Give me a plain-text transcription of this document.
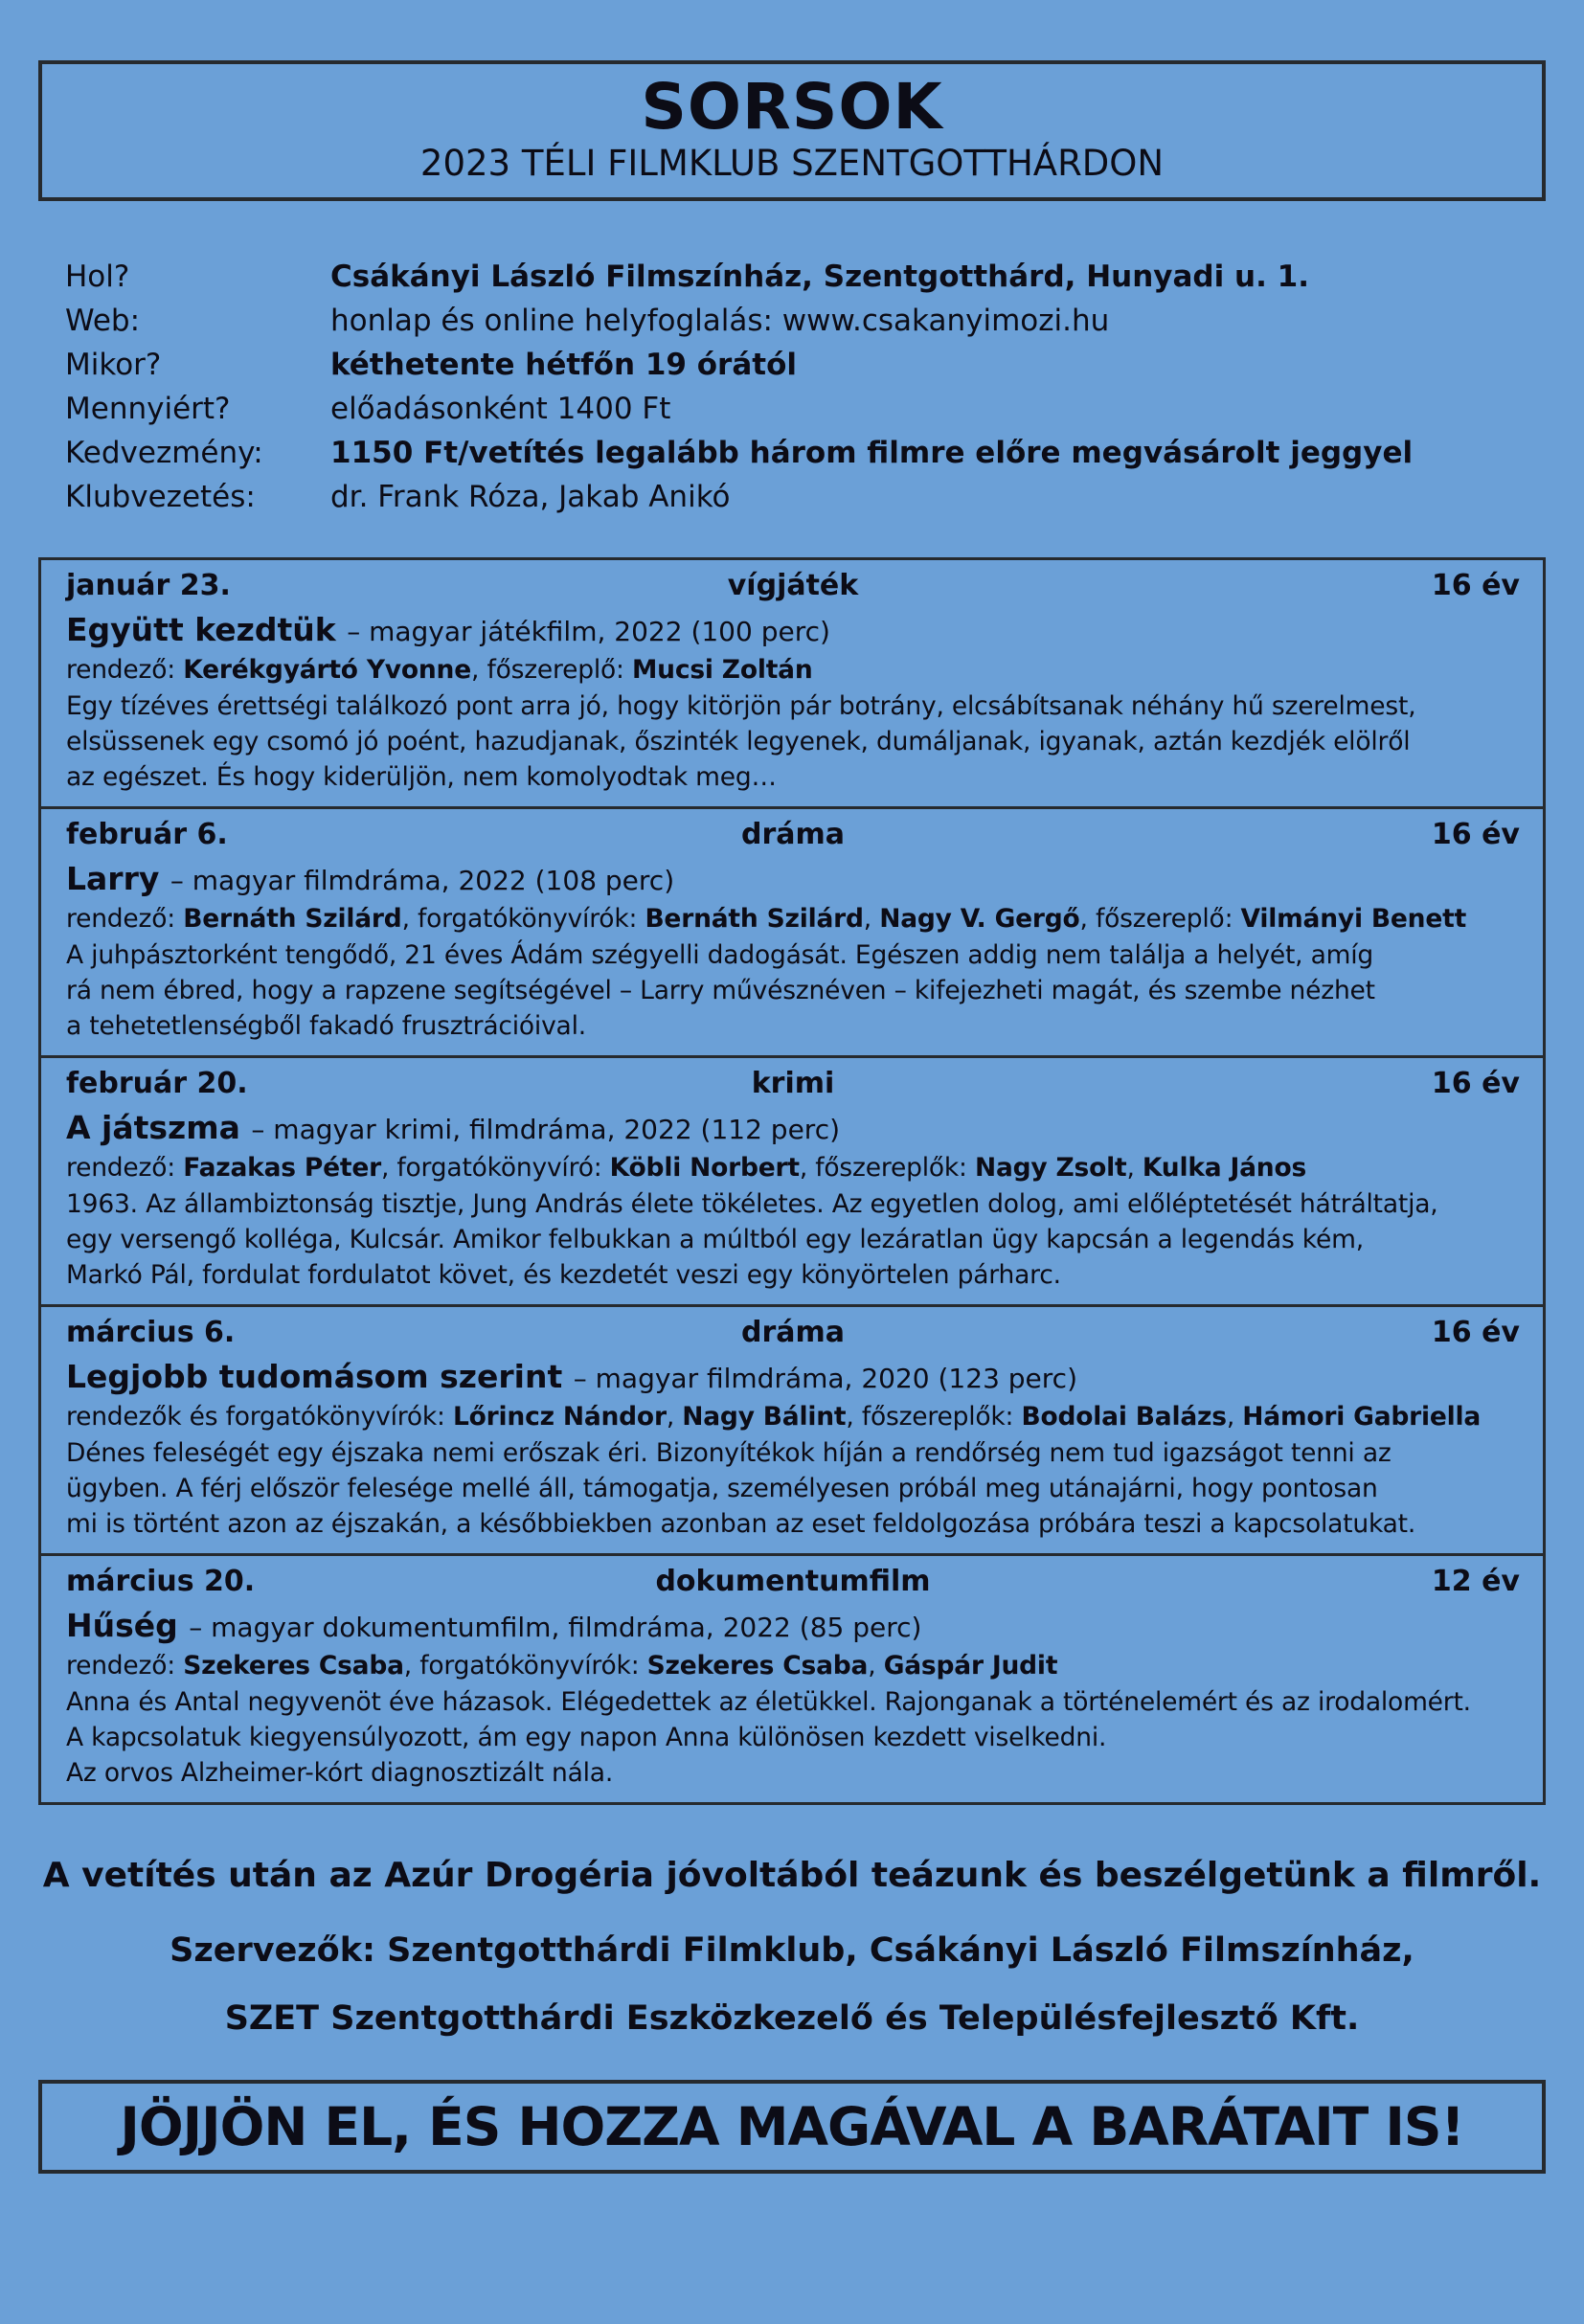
SORSOK
2023 TÉLI FILMKLUB SZENTGOTTHÁRDON
Hol?	Csákányi László Filmszínház, Szentgotthárd, Hunyadi u. 1.
Web:	honlap és online helyfoglalás: www.csakanyimozi.hu
Mikor?	kéthetente hétfőn 19 órától
Mennyiért?	előadásonként 1400 Ft
Kedvezmény:	1150 Ft/vetítés legalább három filmre előre megvásárolt jeggyel
Klubvezetés:	dr. Frank Róza, Jakab Anikó
január 23.	vígjáték	16 év
Együtt kezdtük – magyar játékfilm, 2022 (100 perc)
rendező: Kerékgyártó Yvonne, főszereplő: Mucsi Zoltán
Egy tízéves érettségi találkozó pont arra jó, hogy kitörjön pár botrány, elcsábítsanak néhány hű szerelmest,
elsüssenek egy csomó jó poént, hazudjanak, őszinték legyenek, dumáljanak, igyanak, aztán kezdjék elölről
az egészet. És hogy kiderüljön, nem komolyodtak meg…
február 6.	dráma	16 év
Larry – magyar filmdráma, 2022 (108 perc)
rendező: Bernáth Szilárd, forgatókönyvírók: Bernáth Szilárd, Nagy V. Gergő, főszereplő: Vilmányi Benett
A juhpásztorként tengődő, 21 éves Ádám szégyelli dadogását. Egészen addig nem találja a helyét, amíg
rá nem ébred, hogy a rapzene segítségével – Larry művésznéven – kifejezheti magát, és szembe nézhet
a tehetetlenségből fakadó frusztrációival.
február 20.	krimi	16 év
A játszma – magyar krimi, filmdráma, 2022 (112 perc)
rendező: Fazakas Péter, forgatókönyvíró: Köbli Norbert, főszereplők: Nagy Zsolt, Kulka János
1963. Az állambiztonság tisztje, Jung András élete tökéletes. Az egyetlen dolog, ami előléptetését hátráltatja,
egy versengő kolléga, Kulcsár. Amikor felbukkan a múltból egy lezáratlan ügy kapcsán a legendás kém,
Markó Pál, fordulat fordulatot követ, és kezdetét veszi egy könyörtelen párharc.
március 6.	dráma	16 év
Legjobb tudomásom szerint – magyar filmdráma, 2020 (123 perc)
rendezők és forgatókönyvírók: Lőrincz Nándor, Nagy Bálint, főszereplők: Bodolai Balázs, Hámori Gabriella
Dénes feleségét egy éjszaka nemi erőszak éri. Bizonyítékok híján a rendőrség nem tud igazságot tenni az
ügyben. A férj először felesége mellé áll, támogatja, személyesen próbál meg utánajárni, hogy pontosan
mi is történt azon az éjszakán, a későbbiekben azonban az eset feldolgozása próbára teszi a kapcsolatukat.
március 20.	dokumentumfilm	12 év
Hűség – magyar dokumentumfilm, filmdráma, 2022 (85 perc)
rendező: Szekeres Csaba, forgatókönyvírók: Szekeres Csaba, Gáspár Judit
Anna és Antal negyvenöt éve házasok. Elégedettek az életükkel. Rajonganak a történelemért és az irodalomért.
A kapcsolatuk kiegyensúlyozott, ám egy napon Anna különösen kezdett viselkedni.
Az orvos Alzheimer-kórt diagnosztizált nála.
A vetítés után az Azúr Drogéria jóvoltából teázunk és beszélgetünk a filmről.
Szervezők: Szentgotthárdi Filmklub, Csákányi László Filmszínház,
SZET Szentgotthárdi Eszközkezelő és Településfejlesztő Kft.
JÖJJÖN EL, ÉS HOZZA MAGÁVAL A BARÁTAIT IS!
